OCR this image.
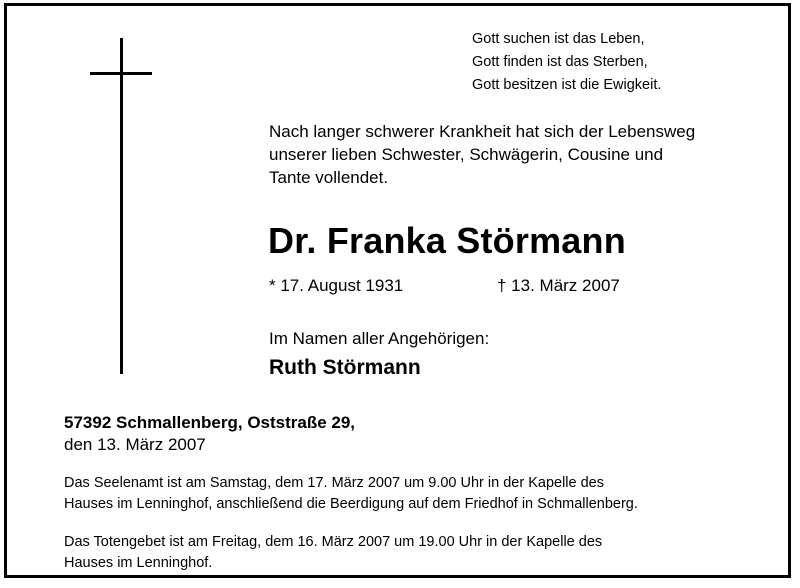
Gott suchen ist das Leben,
Gott finden ist das Sterben,
Gott besitzen ist die Ewigkeit.
Nach langer schwerer Krankheit hat sich der Lebensweg
unserer lieben Schwester, Schwägerin, Cousine und
Tante vollendet.
Dr. Franka Störmann
* 17. August 1931	† 13. März 2007
Im Namen aller Angehörigen:
Ruth Störmann
57392 Schmallenberg, Oststraße 29,
den 13. März 2007
Das Seelenamt ist am Samstag, dem 17. März 2007 um 9.00 Uhr in der Kapelle des
Hauses im Lenninghof, anschließend die Beerdigung auf dem Friedhof in Schmallenberg.
Das Totengebet ist am Freitag, dem 16. März 2007 um 19.00 Uhr in der Kapelle des
Hauses im Lenninghof.
